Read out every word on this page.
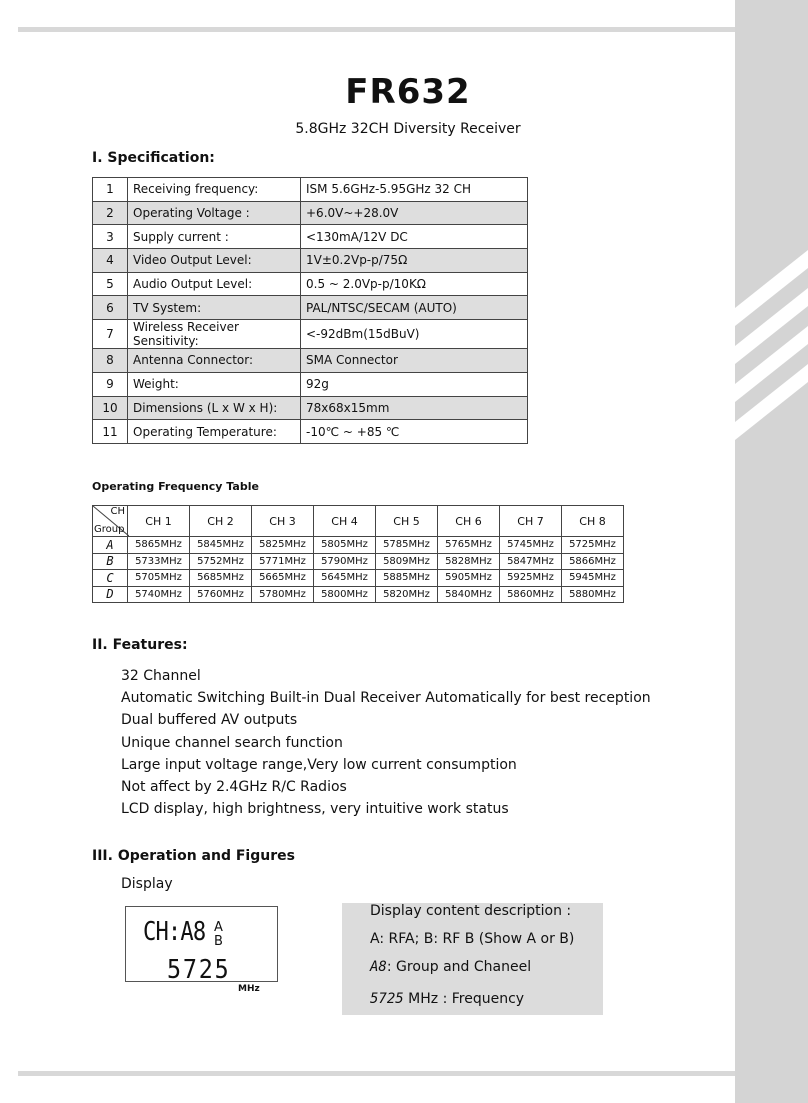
FR632
5.8GHz 32CH Diversity Receiver
I. Specification:
1	Receiving frequency:	ISM 5.6GHz-5.95GHz 32 CH
2	Operating Voltage :	+6.0V~+28.0V
3	Supply current :	<130mA/12V DC
4	Video Output Level:	1V±0.2Vp-p/75Ω
5	Audio Output Level:	0.5 ~ 2.0Vp-p/10KΩ
6	TV System:	PAL/NTSC/SECAM (AUTO)
7	Wireless Receiver Sensitivity:	<-92dBm(15dBuV)
8	Antenna Connector:	SMA Connector
9	Weight:	92g
10	Dimensions (L x W x H):	78x68x15mm
11	Operating Temperature:	-10℃ ~ +85 ℃
Operating Frequency Table
CH
Group	CH 1	CH 2	CH 3	CH 4	CH 5	CH 6	CH 7	CH 8
A	5865MHz	5845MHz	5825MHz	5805MHz	5785MHz	5765MHz	5745MHz	5725MHz
B	5733MHz	5752MHz	5771MHz	5790MHz	5809MHz	5828MHz	5847MHz	5866MHz
C	5705MHz	5685MHz	5665MHz	5645MHz	5885MHz	5905MHz	5925MHz	5945MHz
D	5740MHz	5760MHz	5780MHz	5800MHz	5820MHz	5840MHz	5860MHz	5880MHz
II. Features:
32 Channel
Automatic Switching Built-in Dual Receiver Automatically for best reception
Dual buffered AV outputs
Unique channel search function
Large input voltage range,Very low current consumption
Not affect by 2.4GHz R/C Radios
LCD display, high brightness, very intuitive work status
III. Operation and Figures
Display
CH:A8 A
B
5725
MHz
Display content description :
A: RFA; B: RF B (Show A or B)
A8: Group and Chaneel
5725 MHz : Frequency
